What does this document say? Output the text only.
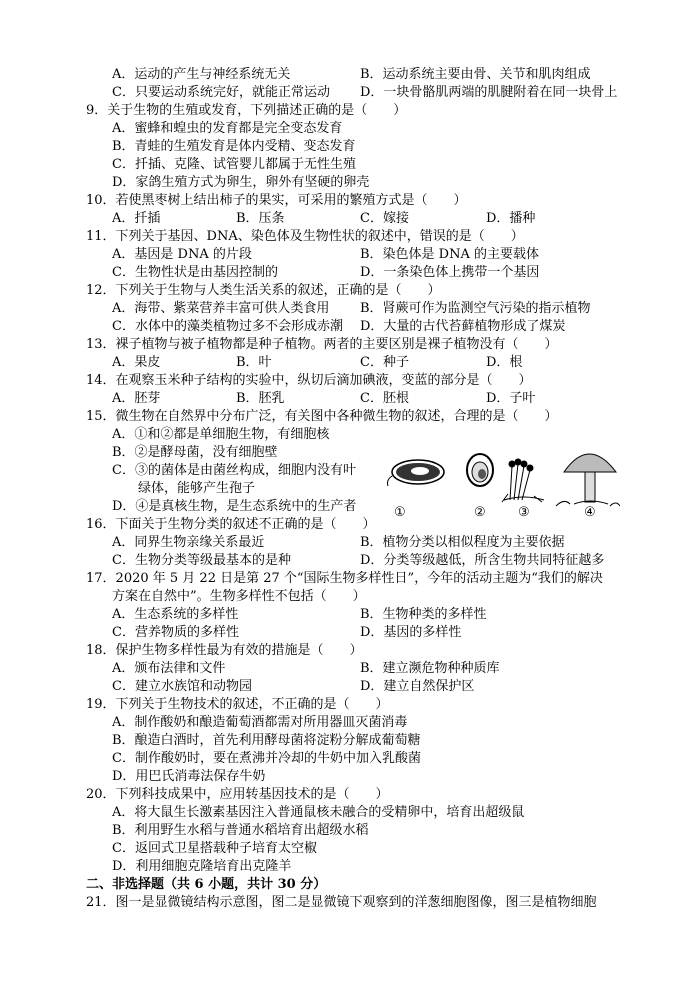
A．运动的产生与神经系统无关	B．运动系统主要由骨、关节和肌肉组成
C．只要运动系统完好，就能正常运动 D．一块骨骼肌两端的肌腱附着在同一块骨上
9．关于生物的生殖或发育，下列描述正确的是（　　）
A．蜜蜂和蝗虫的发育都是完全变态发育
B．青蛙的生殖发育是体内受精、变态发育
C．扦插、克隆、试管婴儿都属于无性生殖
D．家鸽生殖方式为卵生，卵外有坚硬的卵壳
10．若使黑枣树上结出柿子的果实，可采用的繁殖方式是（　　）
A．扦插	B．压条	C．嫁接	D．播种
11．下列关于基因、DNA、染色体及生物性状的叙述中，错误的是（　　）
A．基因是 DNA 的片段	B．染色体是 DNA 的主要载体
C．生物性状是由基因控制的	D．一条染色体上携带一个基因
12．下列关于生物与人类生活关系的叙述，正确的是（　　）
A．海带、紫菜营养丰富可供人类食用 B．肾蕨可作为监测空气污染的指示植物
C．水体中的藻类植物过多不会形成赤潮 D．大量的古代苔藓植物形成了煤炭
13．裸子植物与被子植物都是种子植物。两者的主要区别是裸子植物没有（　　）
A．果皮	B．叶	C．种子	D．根
14．在观察玉米种子结构的实验中，纵切后滴加碘液，变蓝的部分是（　　）
A．胚芽	B．胚乳	C．胚根	D．子叶
15．微生物在自然界中分布广泛，有关图中各种微生物的叙述，合理的是（　　）
A．①和②都是单细胞生物，有细胞核
B．②是酵母菌，没有细胞壁
C．③的菌体是由菌丝构成，细胞内没有叶
　　绿体，能够产生孢子
D．④是真核生物，是生态系统中的生产者
16．下面关于生物分类的叙述不正确的是（　　）
A．同界生物亲缘关系最近	B．植物分类以相似程度为主要依据
C．生物分类等级最基本的是种	D．分类等级越低，所含生物共同特征越多
17．2020 年 5 月 22 日是第 27 个“国际生物多样性日”，今年的活动主题为“我们的解决
方案在自然中”。生物多样性不包括（　　）
A．生态系统的多样性	B．生物种类的多样性
C．营养物质的多样性	D．基因的多样性
18．保护生物多样性最为有效的措施是（　　）
A．颁布法律和文件	B．建立濒危物种种质库
C．建立水族馆和动物园	D．建立自然保护区
19．下列关于生物技术的叙述，不正确的是（　　）
A．制作酸奶和酿造葡萄酒都需对所用器皿灭菌消毒
B．酿造白酒时，首先利用酵母菌将淀粉分解成葡萄糖
C．制作酸奶时，要在煮沸并冷却的牛奶中加入乳酸菌
D．用巴氏消毒法保存牛奶
20．下列科技成果中，应用转基因技术的是（　　）
A．将大鼠生长激素基因注入普通鼠核未融合的受精卵中，培育出超级鼠
B．利用野生水稻与普通水稻培育出超级水稻
C．返回式卫星搭载种子培育太空椒
D．利用细胞克隆培育出克隆羊
二、非选择题（共 6 小题，共计 30 分）
21．图一是显微镜结构示意图，图二是显微镜下观察到的洋葱细胞图像，图三是植物细胞
①	② ③	④
